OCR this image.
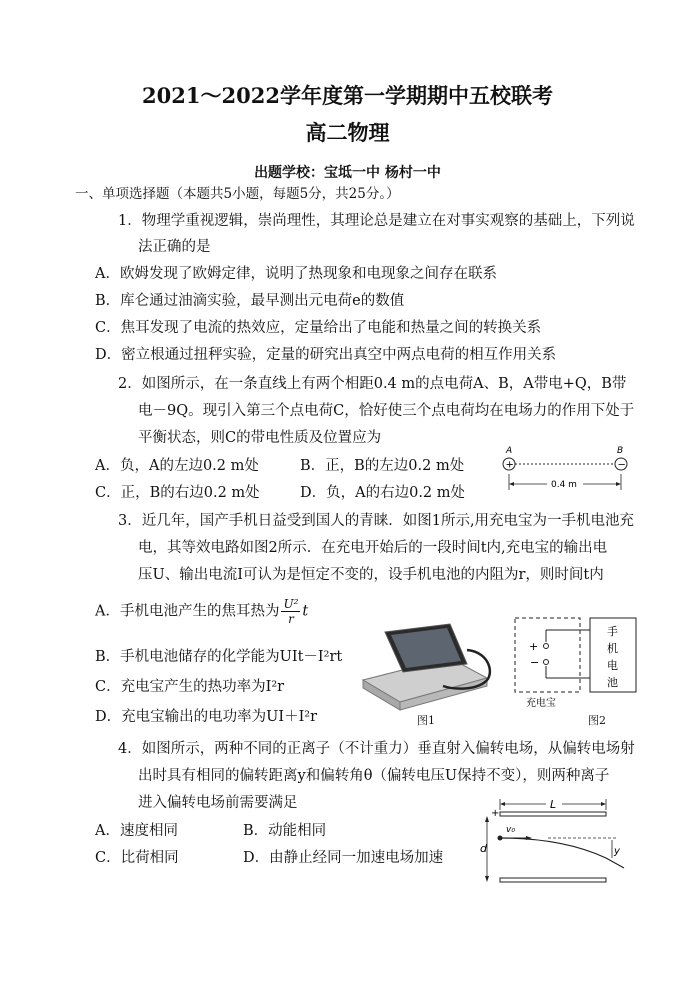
2021～2022学年度第一学期期中五校联考
高二物理
出题学校：宝坻一中 杨村一中
一、单项选择题（本题共5小题，每题5分，共25分。）
1．物理学重视逻辑，崇尚理性，其理论总是建立在对事实观察的基础上，下列说
法正确的是
A．欧姆发现了欧姆定律，说明了热现象和电现象之间存在联系
B．库仑通过油滴实验，最早测出元电荷e的数值
C．焦耳发现了电流的热效应，定量给出了电能和热量之间的转换关系
D．密立根通过扭秤实验，定量的研究出真空中两点电荷的相互作用关系
2．如图所示，在一条直线上有两个相距0.4 m的点电荷A、B，A带电+Q，B带
电－9Q。现引入第三个点电荷C，恰好使三个点电荷均在电场力的作用下处于
平衡状态，则C的带电性质及位置应为
A．负，A的左边0.2 m处	B．正，B的左边0.2 m处
C．正，B的右边0.2 m处	D．负，A的右边0.2 m处
A	B
+	−
0.4 m
3．近几年，国产手机日益受到国人的青睐．如图1所示,用充电宝为一手机电池充
电，其等效电路如图2所示．在充电开始后的一段时间t内,充电宝的输出电
压U、输出电流I可认为是恒定不变的，设手机电池的内阻为r，则时间t内
A．手机电池产生的焦耳热为 $\frac{\text{U²}}{r}$ t
B．手机电池储存的化学能为UIt－I²rt
C．充电宝产生的热功率为I²r
D．充电宝输出的电功率为UI＋I²r	图1
+
−
手
机
电
池
充电宝
图2
4．如图所示，两种不同的正离子（不计重力）垂直射入偏转电场，从偏转电场射
出时具有相同的偏转距离y和偏转角θ（偏转电压U保持不变），则两种离子
进入偏转电场前需要满足
A．速度相同	B．动能相同
C．比荷相同	D．由静止经同一加速电场加速
L
+
d
v₀
y
